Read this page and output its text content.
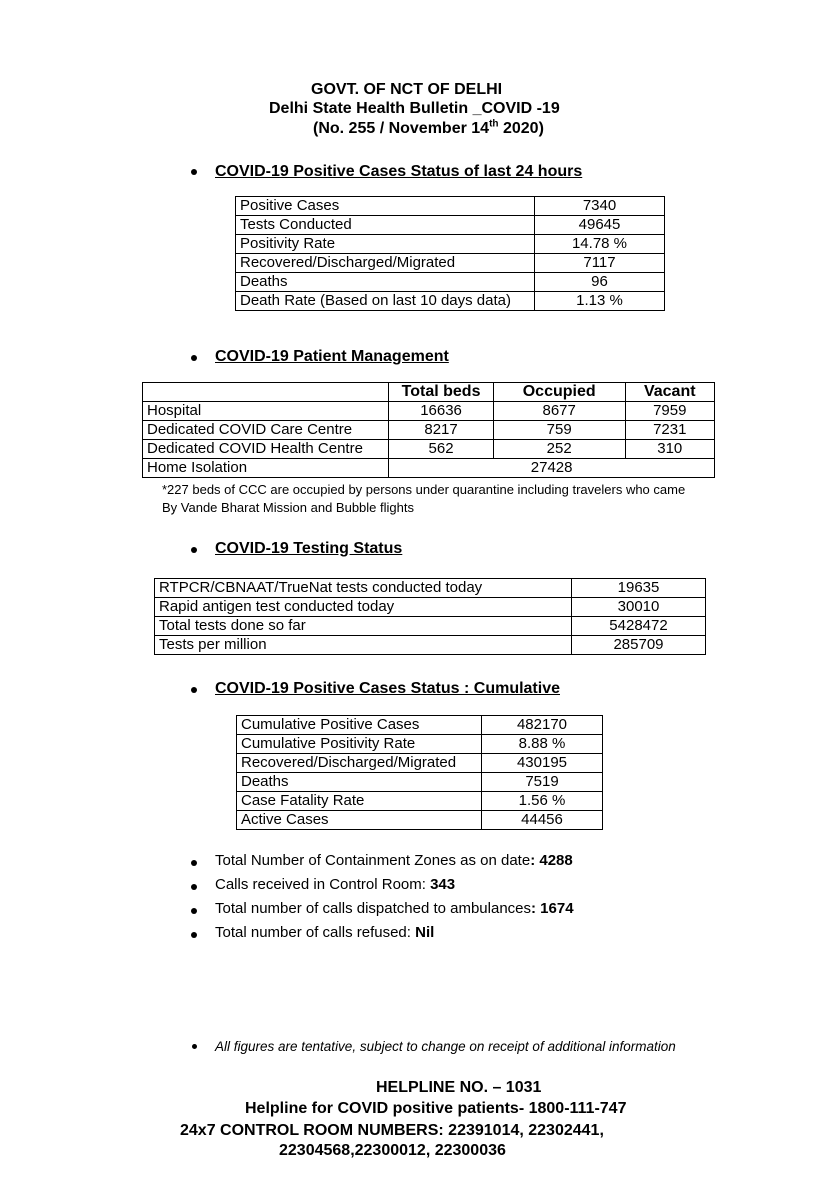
GOVT. OF NCT OF DELHI
Delhi State Health Bulletin _COVID -19
(No. 255 / November 14th 2020)
COVID-19 Positive Cases Status of last 24 hours
Positive Cases	7340
Tests Conducted	49645
Positivity Rate	14.78 %
Recovered/Discharged/Migrated	7117
Deaths	96
Death Rate (Based on last 10 days data)	1.13 %
COVID-19 Patient Management
	Total beds	Occupied	Vacant
Hospital	16636	8677	7959
Dedicated COVID Care Centre	8217	759	7231
Dedicated COVID Health Centre	562	252	310
Home Isolation	27428		
*227 beds of CCC are occupied by persons under quarantine including travelers who came
By Vande Bharat Mission and Bubble flights
COVID-19 Testing Status
RTPCR/CBNAAT/TrueNat tests conducted today	19635
Rapid antigen test conducted today	30010
Total tests done so far	5428472
Tests per million	285709
COVID-19 Positive Cases Status : Cumulative
Cumulative Positive Cases	482170
Cumulative Positivity Rate	8.88 %
Recovered/Discharged/Migrated	430195
Deaths	7519
Case Fatality Rate	1.56 %
Active Cases	44456
Total Number of Containment Zones as on date: 4288
Calls received in Control Room: 343
Total number of calls dispatched to ambulances: 1674
Total number of calls refused: Nil
All figures are tentative, subject to change on receipt of additional information
HELPLINE NO. – 1031
Helpline for COVID positive patients- 1800-111-747
24x7 CONTROL ROOM NUMBERS: 22391014, 22302441,
22304568,22300012, 22300036
